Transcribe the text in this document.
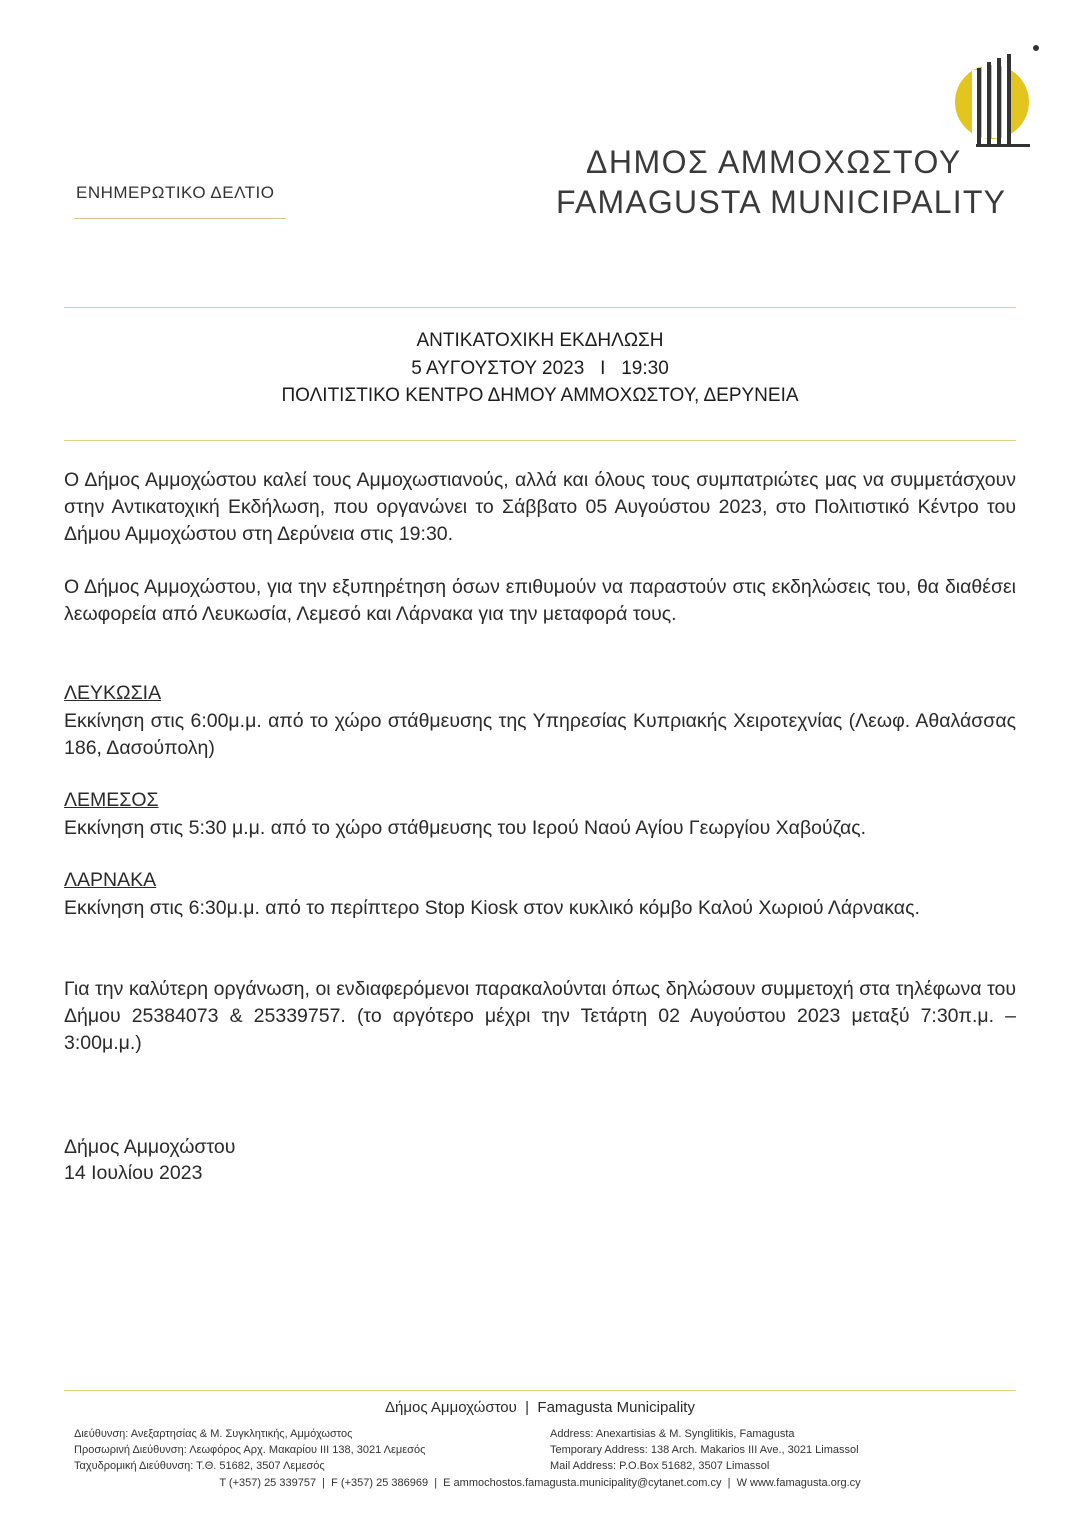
ΕΝΗΜΕΡΩΤΙΚΟ ΔΕΛΤΙΟ
ΔΗΜΟΣ ΑΜΜΟΧΩΣΤΟΥ
FAMAGUSTA MUNICIPALITY
ΑΝΤΙΚΑΤΟΧΙΚΗ ΕΚΔΗΛΩΣΗ
5 ΑΥΓΟΥΣΤΟΥ 2023   I   19:30
ΠΟΛΙΤΙΣΤΙΚΟ ΚΕΝΤΡΟ ΔΗΜΟΥ ΑΜΜΟΧΩΣΤΟΥ, ΔΕΡΥΝΕΙΑ
Ο Δήμος Αμμοχώστου καλεί τους Αμμοχωστιανούς, αλλά και όλους τους συμπατριώτες μας να συμμετάσχουν στην Αντικατοχική Εκδήλωση, που οργανώνει το Σάββατο 05 Αυγούστου 2023, στο Πολιτιστικό Κέντρο του Δήμου Αμμοχώστου στη Δερύνεια στις 19:30.
Ο Δήμος Αμμοχώστου, για την εξυπηρέτηση όσων επιθυμούν να παραστούν στις εκδηλώσεις του, θα διαθέσει λεωφορεία από Λευκωσία, Λεμεσό και Λάρνακα για την μεταφορά τους.
ΛΕΥΚΩΣΙΑ
Εκκίνηση στις 6:00μ.μ. από το χώρο στάθμευσης της Υπηρεσίας Κυπριακής Χειροτεχνίας (Λεωφ. Αθαλάσσας 186, Δασούπολη)
ΛΕΜΕΣΟΣ
Εκκίνηση στις 5:30 μ.μ. από το χώρο στάθμευσης του Ιερού Ναού Αγίου Γεωργίου Χαβούζας.
ΛΑΡΝΑΚΑ
Εκκίνηση στις 6:30μ.μ. από το περίπτερο Stop Kiosk στον κυκλικό κόμβο Καλού Χωριού Λάρνακας.
Για την καλύτερη οργάνωση, οι ενδιαφερόμενοι παρακαλούνται όπως δηλώσουν συμμετοχή στα τηλέφωνα του Δήμου 25384073 & 25339757. (το αργότερο μέχρι την Τετάρτη 02 Αυγούστου 2023 μεταξύ 7:30π.μ. – 3:00μ.μ.)
Δήμος Αμμοχώστου
14 Ιουλίου 2023
Δήμος Αμμοχώστου  |  Famagusta Municipality
Διεύθυνση: Ανεξαρτησίας & Μ. Συγκλητικής, Αμμόχωστος
Προσωρινή Διεύθυνση: Λεωφόρος Αρχ. Μακαρίου ΙΙΙ 138, 3021 Λεμεσός
Ταχυδρομική Διεύθυνση: Τ.Θ. 51682, 3507 Λεμεσός
Address: Anexartisias & M. Synglitikis, Famagusta
Temporary Address: 138 Arch. Makarios III Ave., 3021 Limassol
Mail Address: P.O.Box 51682, 3507 Limassol
T (+357) 25 339757  |  F (+357) 25 386969  |  E ammochostos.famagusta.municipality@cytanet.com.cy  |  W www.famagusta.org.cy
